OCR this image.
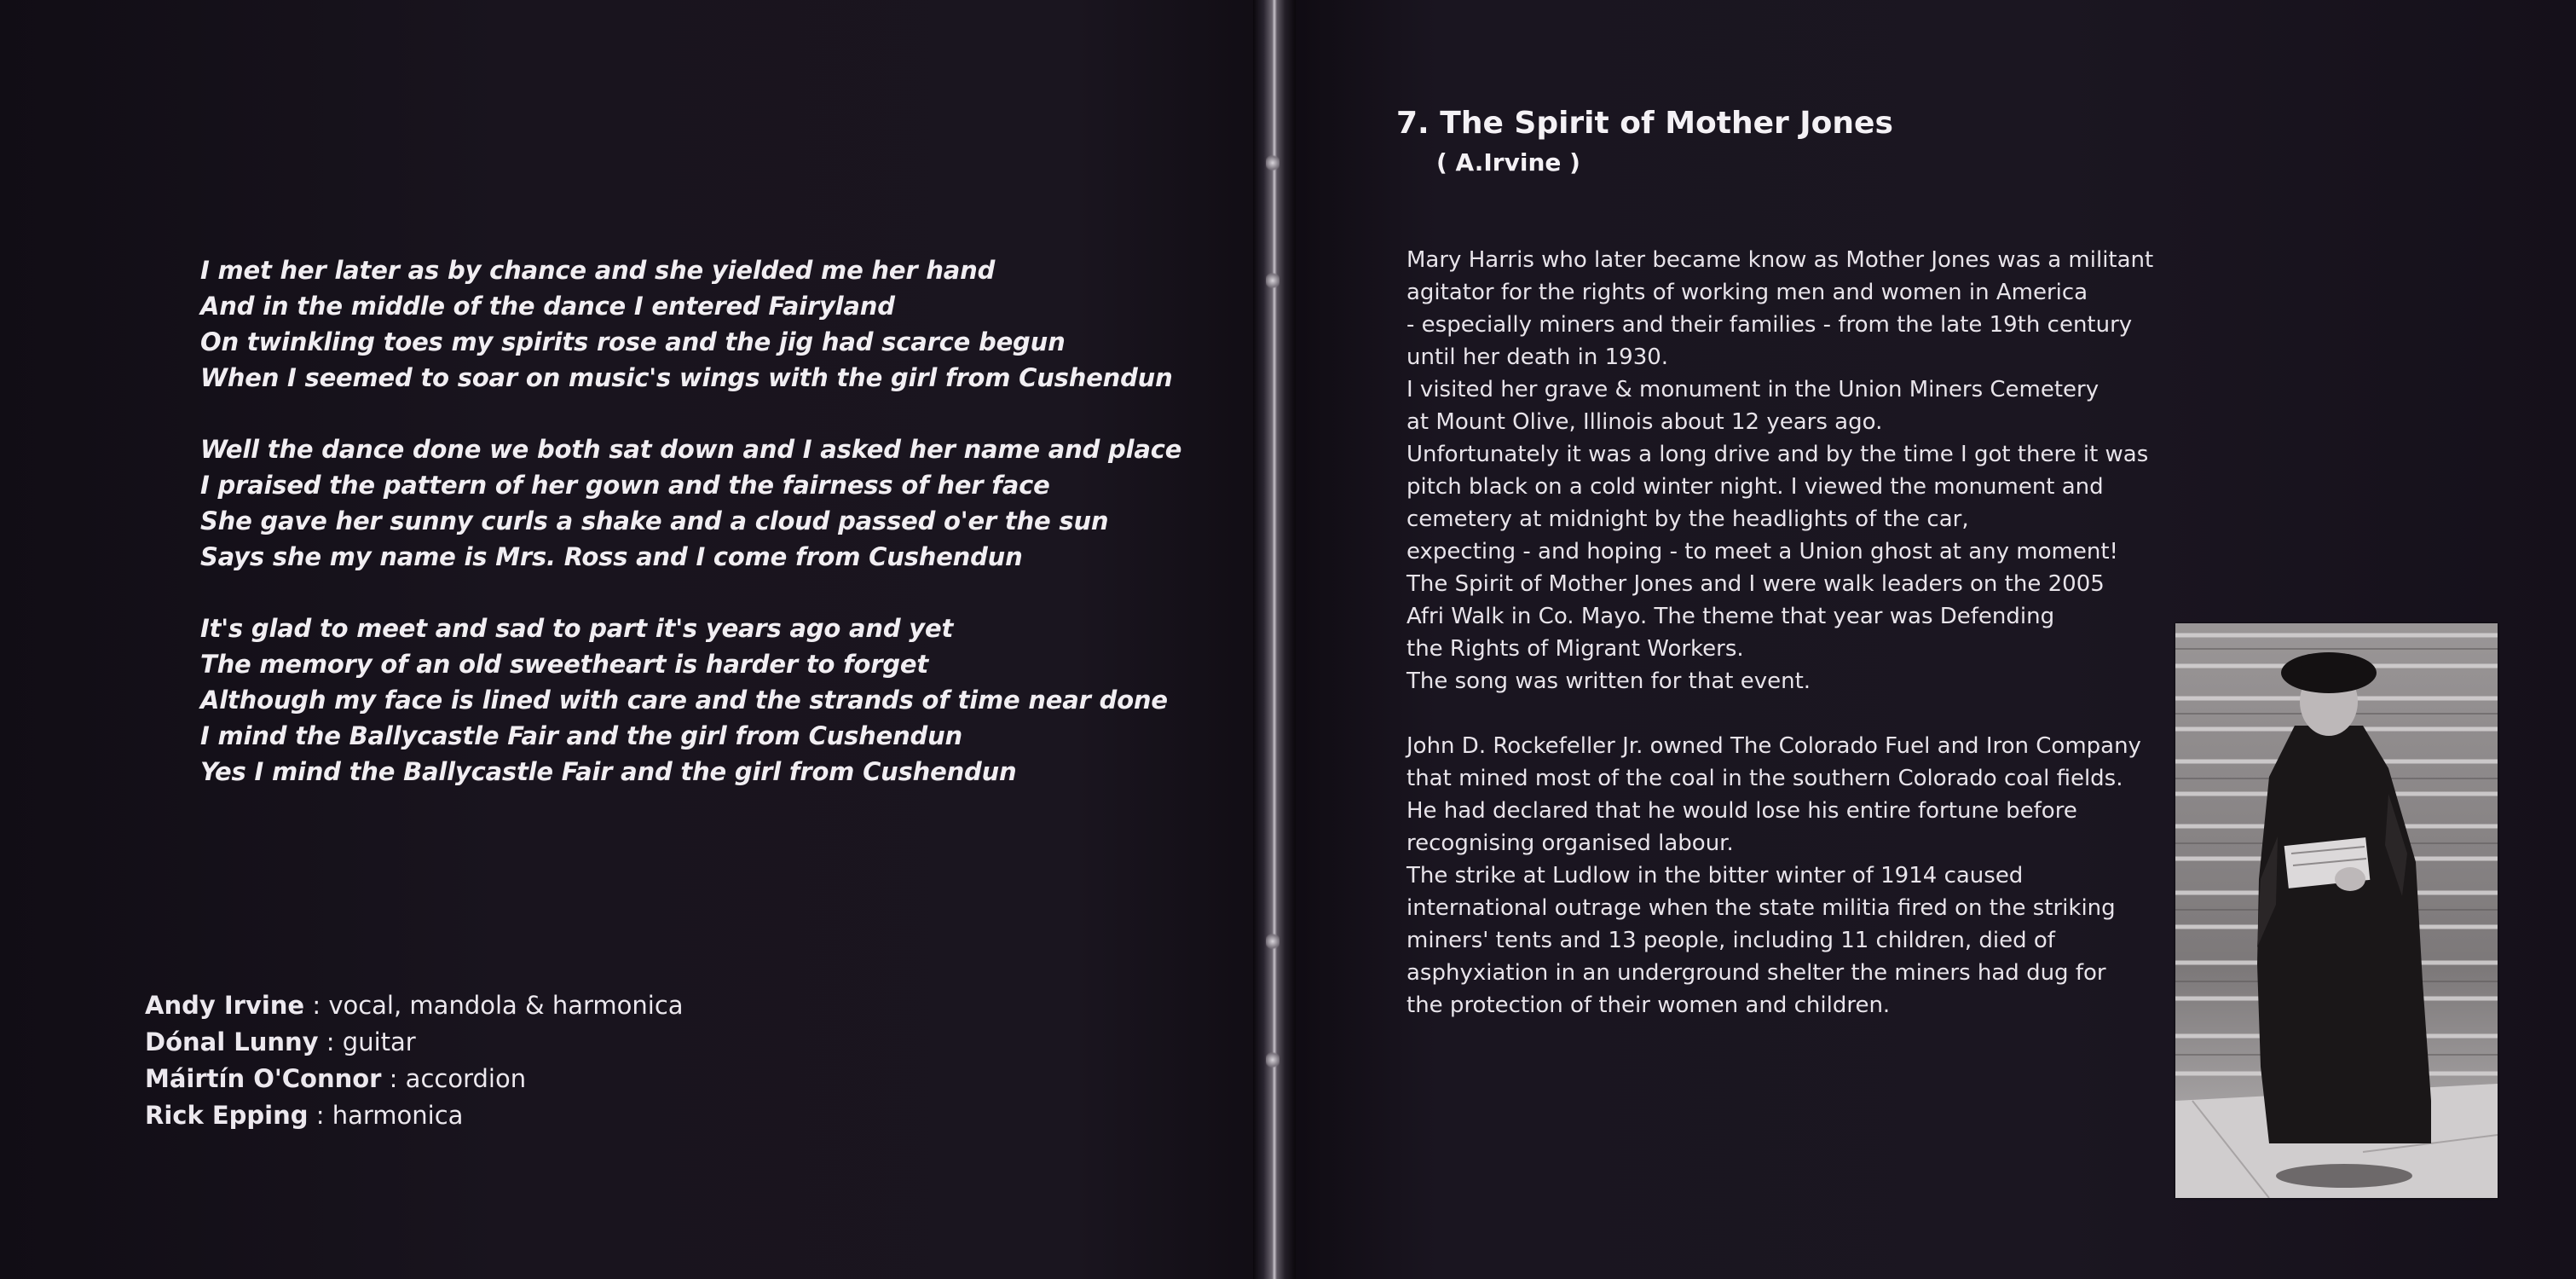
I met her later as by chance and she yielded me her hand
And in the middle of the dance I entered Fairyland
On twinkling toes my spirits rose and the jig had scarce begun
When I seemed to soar on music's wings with the girl from Cushendun
Well the dance done we both sat down and I asked her name and place
I praised the pattern of her gown and the fairness of her face
She gave her sunny curls a shake and a cloud passed o'er the sun
Says she my name is Mrs. Ross and I come from Cushendun
It's glad to meet and sad to part it's years ago and yet
The memory of an old sweetheart is harder to forget
Although my face is lined with care and the strands of time near done
I mind the Ballycastle Fair and the girl from Cushendun
Yes I mind the Ballycastle Fair and the girl from Cushendun
Andy Irvine : vocal, mandola & harmonica
Dónal Lunny : guitar
Máirtín O'Connor : accordion
Rick Epping : harmonica
7. The Spirit of Mother Jones
( A.Irvine )
Mary Harris who later became know as Mother Jones was a militant
agitator for the rights of working men and women in America
- especially miners and their families - from the late 19th century
until her death in 1930.
I visited her grave & monument in the Union Miners Cemetery
at Mount Olive, Illinois about 12 years ago.
Unfortunately it was a long drive and by the time I got there it was
pitch black on a cold winter night. I viewed the monument and
cemetery at midnight by the headlights of the car,
expecting - and hoping - to meet a Union ghost at any moment!
The Spirit of Mother Jones and I were walk leaders on the 2005
Afri Walk in Co. Mayo. The theme that year was Defending
the Rights of Migrant Workers.
The song was written for that event.
John D. Rockefeller Jr. owned The Colorado Fuel and Iron Company
that mined most of the coal in the southern Colorado coal fields.
He had declared that he would lose his entire fortune before
recognising organised labour.
The strike at Ludlow in the bitter winter of 1914 caused
international outrage when the state militia fired on the striking
miners' tents and 13 people, including 11 children, died of
asphyxiation in an underground shelter the miners had dug for
the protection of their women and children.
